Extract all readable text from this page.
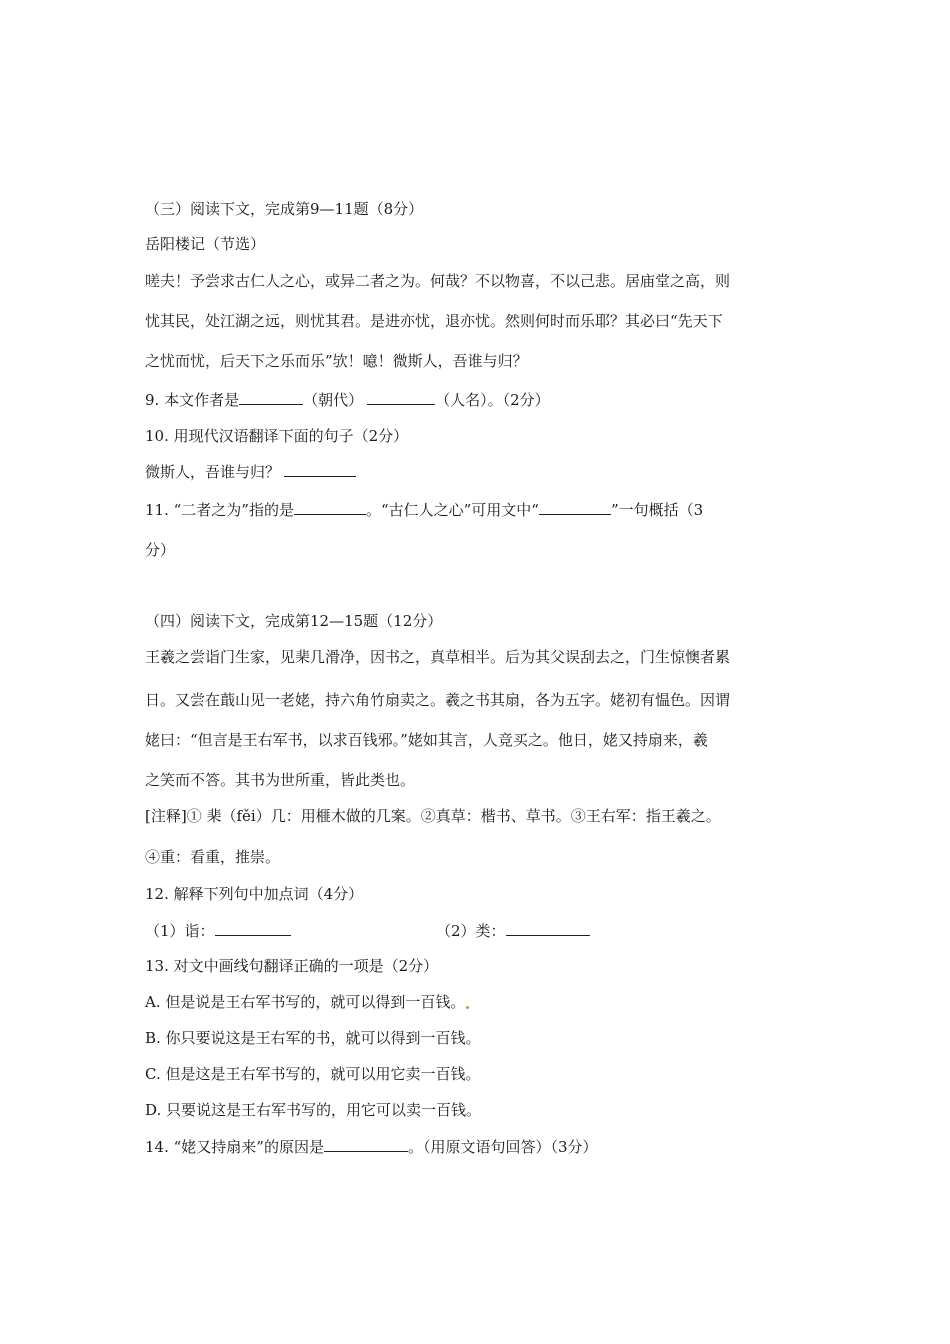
（三）阅读下文，完成第9—11题（8分）
岳阳楼记（节选）
嗟夫！予尝求古仁人之心，或异二者之为。何哉？不以物喜，不以己悲。居庙堂之高，则
忧其民，处江湖之远，则忧其君。是进亦忧，退亦忧。然则何时而乐耶？其必曰“先天下
之忧而忧，后天下之乐而乐”欤！噫！微斯人，吾谁与归？
9. 本文作者是	（朝代）	（人名）。（2分）
10. 用现代汉语翻译下面的句子（2分）
微斯人，吾谁与归？
11. “二者之为”指的是	。“古仁人之心”可用文中“	”一句概括（3
分）
（四）阅读下文，完成第12—15题（12分）
王羲之尝诣门生家，见棐几滑净，因书之，真草相半。后为其父误刮去之，门生惊懊者累
日。又尝在蕺山见一老姥，持六角竹扇卖之。羲之书其扇，各为五字。姥初有愠色。因谓
姥曰：“但言是王右军书，以求百钱邪。”姥如其言，人竞买之。他日，姥又持扇来，羲
之笑而不答。其书为世所重，皆此类也。
[注释]① 棐（fěi）几：用榧木做的几案。②真草：楷书、草书。③王右军：指王羲之。
④重：看重，推崇。
12. 解释下列句中加点词（4分）
（1）诣：	（2）类：
13. 对文中画线句翻译正确的一项是（2分）
A. 但是说是王右军书写的，就可以得到一百钱。
B. 你只要说这是王右军的书，就可以得到一百钱。
C. 但是这是王右军书写的，就可以用它卖一百钱。
D. 只要说这是王右军书写的，用它可以卖一百钱。
14. “姥又持扇来”的原因是	。（用原文语句回答）（3分）
